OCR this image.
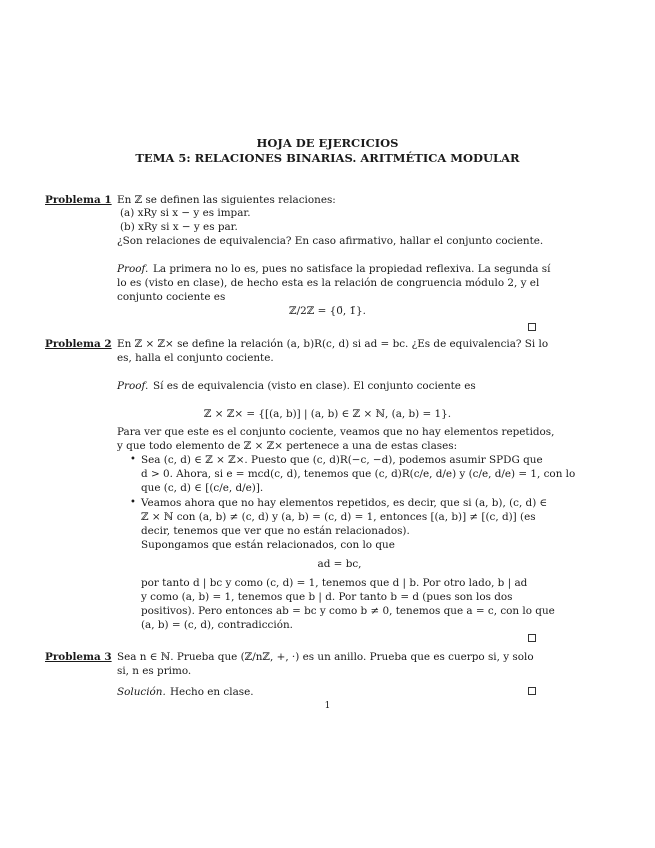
HOJA DE EJERCICIOS
TEMA 5: RELACIONES BINARIAS. ARITMÉTICA MODULAR
Problema 1 En ℤ se definen las siguientes relaciones:
(a) xRy si x − y es impar.
(b) xRy si x − y es par.
¿Son relaciones de equivalencia? En caso afirmativo, hallar el conjunto cociente.
Proof. La primera no lo es, pues no satisface la propiedad reflexiva. La segunda sí
lo es (visto en clase), de hecho esta es la relación de congruencia módulo 2, y el
conjunto cociente es
ℤ/2ℤ = {0̄, 1̄}.
Problema 2 En ℤ × ℤ× se define la relación (a, b)R(c, d) si ad = bc. ¿Es de equivalencia? Si lo
es, halla el conjunto cociente.
Proof. Sí es de equivalencia (visto en clase). El conjunto cociente es
ℤ × ℤ× = {[(a, b)] | (a, b) ∈ ℤ × ℕ, (a, b) = 1}.
Para ver que este es el conjunto cociente, veamos que no hay elementos repetidos,
y que todo elemento de ℤ × ℤ× pertenece a una de estas clases:
• Sea (c, d) ∈ ℤ × ℤ×. Puesto que (c, d)R(−c, −d), podemos asumir SPDG que
d > 0. Ahora, si e = mcd(c, d), tenemos que (c, d)R(c/e, d/e) y (c/e, d/e) = 1, con lo
que (c, d) ∈ [(c/e, d/e)].
• Veamos ahora que no hay elementos repetidos, es decir, que si (a, b), (c, d) ∈
ℤ × ℕ con (a, b) ≠ (c, d) y (a, b) = (c, d) = 1, entonces [(a, b)] ≠ [(c, d)] (es
decir, tenemos que ver que no están relacionados).
Supongamos que están relacionados, con lo que
ad = bc,
por tanto d | bc y como (c, d) = 1, tenemos que d | b. Por otro lado, b | ad
y como (a, b) = 1, tenemos que b | d. Por tanto b = d (pues son los dos
positivos). Pero entonces ab = bc y como b ≠ 0, tenemos que a = c, con lo que
(a, b) = (c, d), contradicción.
Problema 3 Sea n ∈ ℕ. Prueba que (ℤ/nℤ, +, ·) es un anillo. Prueba que es cuerpo si, y solo
si, n es primo.
Solución. Hecho en clase.
1
